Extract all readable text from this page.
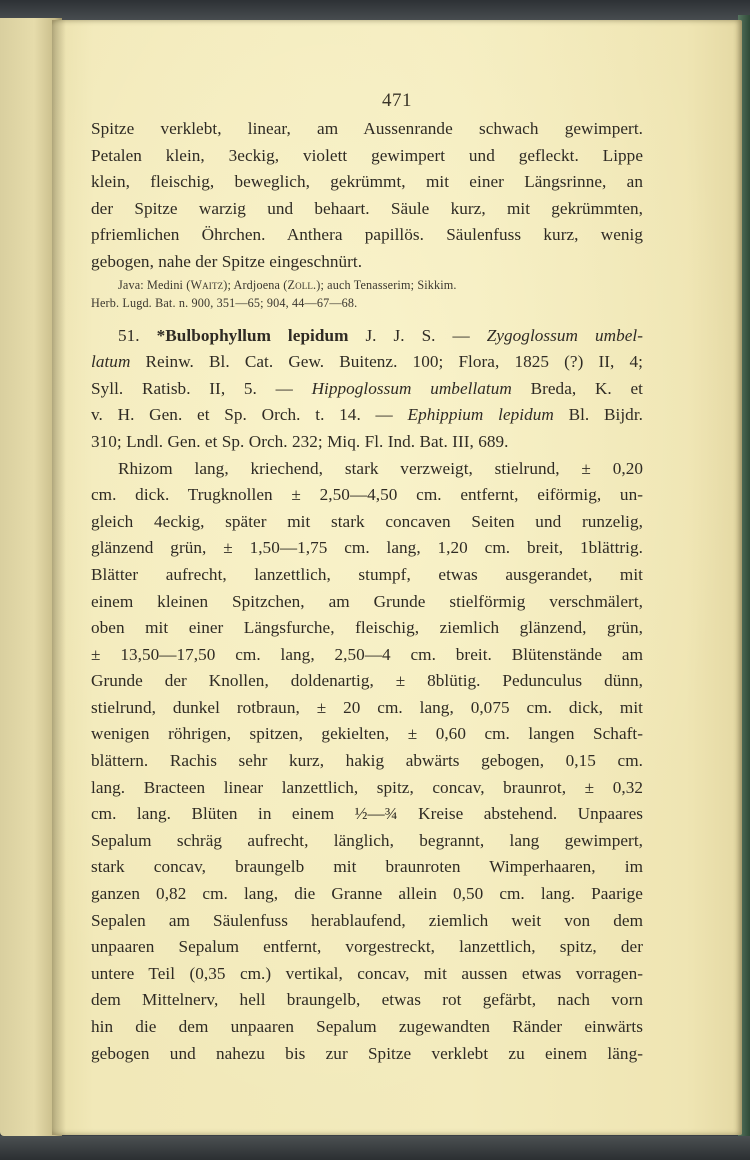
471
Spitze verklebt, linear, am Aussenrande schwach gewimpert.
Petalen klein, 3eckig, violett gewimpert und gefleckt. Lippe
klein, fleischig, beweglich, gekrümmt, mit einer Längsrinne, an
der Spitze warzig und behaart. Säule kurz, mit gekrümmten,
pfriemlichen Öhrchen. Anthera papillös. Säulenfuss kurz, wenig
gebogen, nahe der Spitze eingeschnürt.
Java: Medini (Waitz); Ardjoena (Zoll.); auch Tenasserim; Sikkim.
Herb. Lugd. Bat. n. 900, 351—65; 904, 44—67—68.
51. *Bulbophyllum lepidum J. J. S. — Zygoglossum umbel-
latum Reinw. Bl. Cat. Gew. Buitenz. 100; Flora, 1825 (?) II, 4;
Syll. Ratisb. II, 5. — Hippoglossum umbellatum Breda, K. et
v. H. Gen. et Sp. Orch. t. 14. — Ephippium lepidum Bl. Bijdr.
310; Lndl. Gen. et Sp. Orch. 232; Miq. Fl. Ind. Bat. III, 689.
Rhizom lang, kriechend, stark verzweigt, stielrund, ± 0,20
cm. dick. Trugknollen ± 2,50—4,50 cm. entfernt, eiförmig, un-
gleich 4eckig, später mit stark concaven Seiten und runzelig,
glänzend grün, ± 1,50—1,75 cm. lang, 1,20 cm. breit, 1blättrig.
Blätter aufrecht, lanzettlich, stumpf, etwas ausgerandet, mit
einem kleinen Spitzchen, am Grunde stielförmig verschmälert,
oben mit einer Längsfurche, fleischig, ziemlich glänzend, grün,
± 13,50—17,50 cm. lang, 2,50—4 cm. breit. Blütenstände am
Grunde der Knollen, doldenartig, ± 8blütig. Pedunculus dünn,
stielrund, dunkel rotbraun, ± 20 cm. lang, 0,075 cm. dick, mit
wenigen röhrigen, spitzen, gekielten, ± 0,60 cm. langen Schaft-
blättern. Rachis sehr kurz, hakig abwärts gebogen, 0,15 cm.
lang. Bracteen linear lanzettlich, spitz, concav, braunrot, ± 0,32
cm. lang. Blüten in einem ½—¾ Kreise abstehend. Unpaares
Sepalum schräg aufrecht, länglich, begrannt, lang gewimpert,
stark concav, braungelb mit braunroten Wimperhaaren, im
ganzen 0,82 cm. lang, die Granne allein 0,50 cm. lang. Paarige
Sepalen am Säulenfuss herablaufend, ziemlich weit von dem
unpaaren Sepalum entfernt, vorgestreckt, lanzettlich, spitz, der
untere Teil (0,35 cm.) vertikal, concav, mit aussen etwas vorragen-
dem Mittelnerv, hell braungelb, etwas rot gefärbt, nach vorn
hin die dem unpaaren Sepalum zugewandten Ränder einwärts
gebogen und nahezu bis zur Spitze verklebt zu einem läng-
